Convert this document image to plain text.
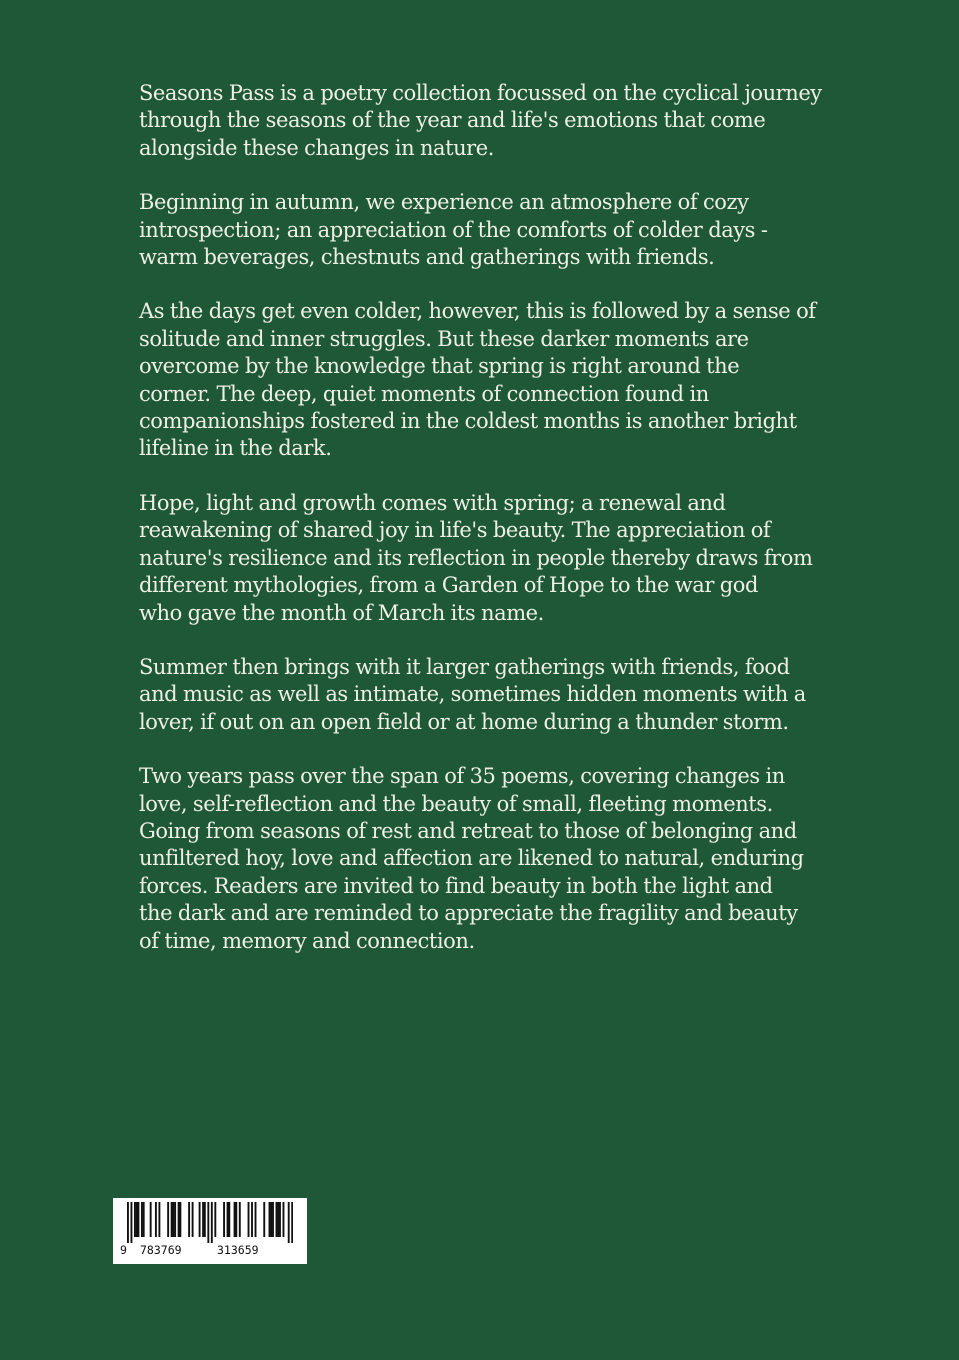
Seasons Pass is a poetry collection focussed on the cyclical journey
through the seasons of the year and life's emotions that come
alongside these changes in nature.

Beginning in autumn, we experience an atmosphere of cozy
introspection; an appreciation of the comforts of colder days -
warm beverages, chestnuts and gatherings with friends.

As the days get even colder, however, this is followed by a sense of
solitude and inner struggles. But these darker moments are
overcome by the knowledge that spring is right around the
corner. The deep, quiet moments of connection found in
companionships fostered in the coldest months is another bright
lifeline in the dark.

Hope, light and growth comes with spring; a renewal and
reawakening of shared joy in life's beauty. The appreciation of
nature's resilience and its reflection in people thereby draws from
different mythologies, from a Garden of Hope to the war god
who gave the month of March its name.

Summer then brings with it larger gatherings with friends, food
and music as well as intimate, sometimes hidden moments with a
lover, if out on an open field or at home during a thunder storm.

Two years pass over the span of 35 poems, covering changes in
love, self-reflection and the beauty of small, fleeting moments.
Going from seasons of rest and retreat to those of belonging and
unfiltered hoy, love and affection are likened to natural, enduring
forces. Readers are invited to find beauty in both the light and
the dark and are reminded to appreciate the fragility and beauty
of time, memory and connection.

9 783769	313659
